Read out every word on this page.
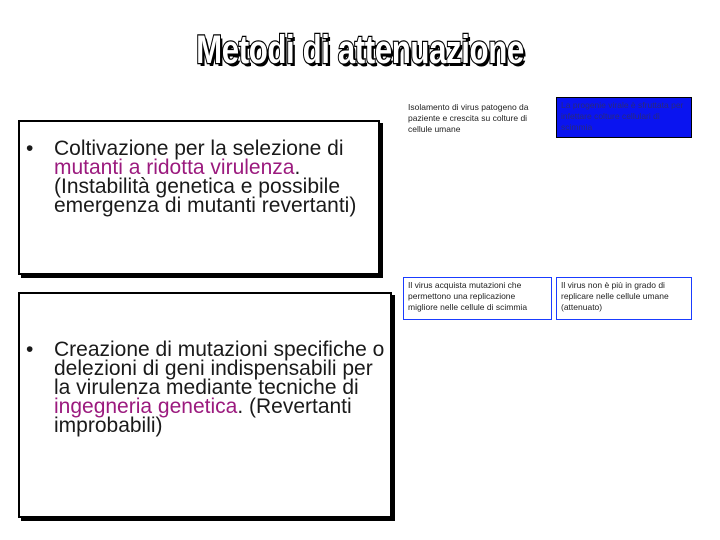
Metodi di attenuazione
• Coltivazione per la selezione di mutanti a ridotta virulenza. (Instabilità genetica e possibile emergenza di mutanti revertanti)
• Creazione di mutazioni specifiche o delezioni di geni indispensabili per la virulenza mediante tecniche di ingegneria genetica. (Revertanti improbabili)
Isolamento di virus patogeno da paziente e crescita su colture di cellule umane
La progenie virale è sfruttata per infettare colture cellulari di scimmia
Il virus acquista mutazioni che permettono una replicazione migliore nelle cellule di scimmia
Il virus non è più in grado di replicare nelle cellule umane (attenuato)
